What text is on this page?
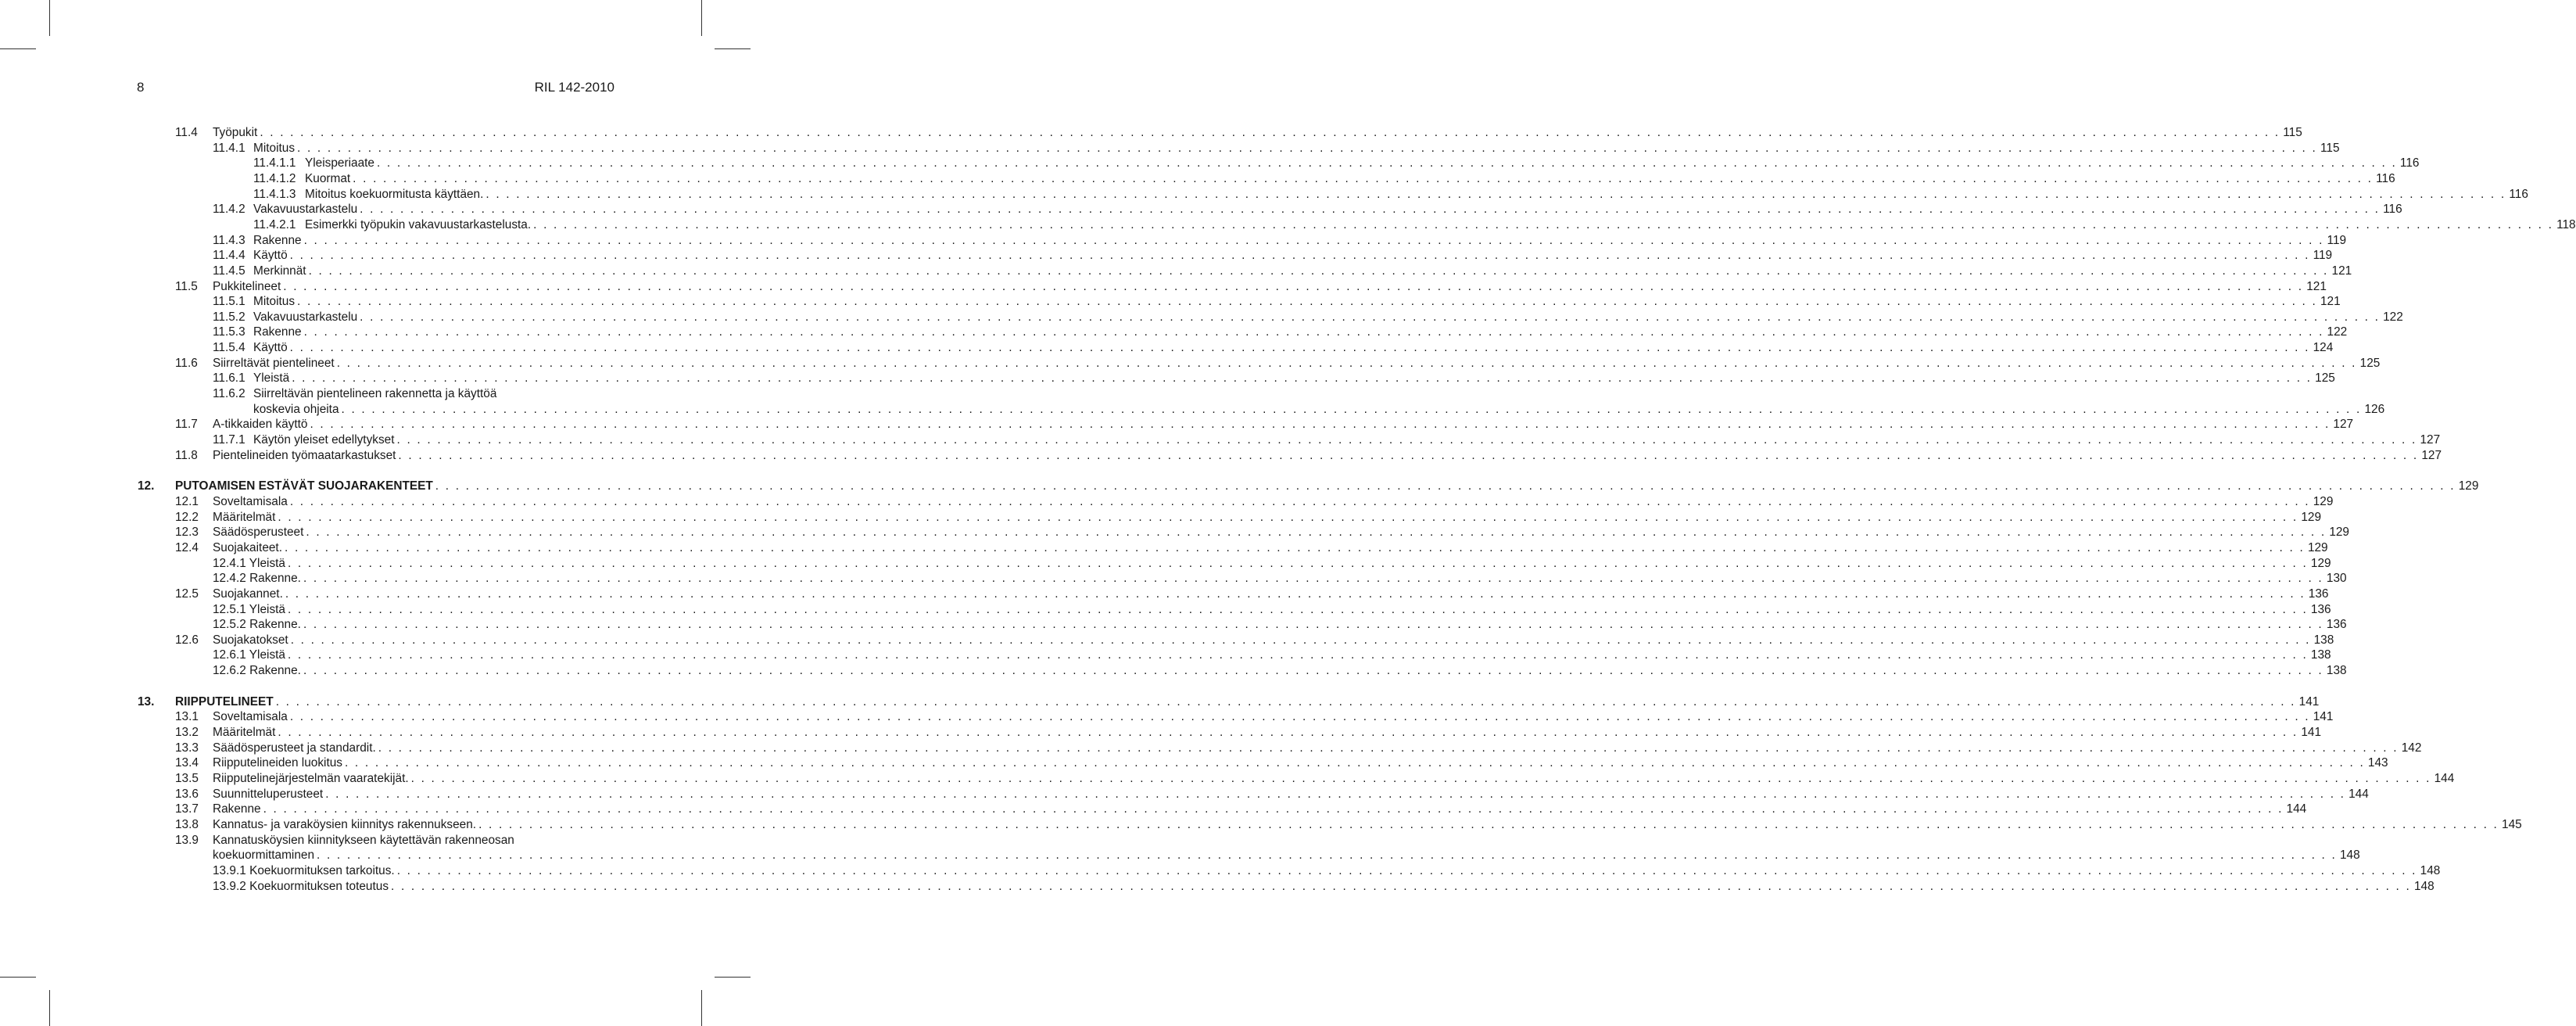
8	RIL 142-2010
11.4 Työpukit . . . . . . . . . . . . . . . . . . . . . . . . . . . . . . . . . . . . . . . . . . . . . . . . . . . . . . . . . . . . . . . . . . . . . . . . . . . . . . . . . . . . . . . . . . . . . . . . . . . . . . . . . . . . . . . . . . . . . . . . . . . . . . . . . . . . . . . . . . . . . . . . . . . . . . . . . . . . . . . . . . . . . . . . . . . . . . . . . . . . . . . . . . . . . . . . . . . . . . . . 115
11.4.1 Mitoitus . . . . . . . . . . . . . . . . . . . . . . . . . . . . . . . . . . . . . . . . . . . . . . . . . . . . . . . . . . . . . . . . . . . . . . . . . . . . . . . . . . . . . . . . . . . . . . . . . . . . . . . . . . . . . . . . . . . . . . . . . . . . . . . . . . . . . . . . . . . . . . . . . . . . . . . . . . . . . . . . . . . . . . . . . . . . . . . . . . . . . . . . . . . . . . . . . . . . . . . . 115
11.4.1.1 Yleisperiaate . . . . . . . . . . . . . . . . . . . . . . . . . . . . . . . . . . . . . . . . . . . . . . . . . . . . . . . . . . . . . . . . . . . . . . . . . . . . . . . . . . . . . . . . . . . . . . . . . . . . . . . . . . . . . . . . . . . . . . . . . . . . . . . . . . . . . . . . . . . . . . . . . . . . . . . . . . . . . . . . . . . . . . . . . . . . . . . . . . . . . . . . . . . . . . . . . . . . . . . . 116
11.4.1.2 Kuormat . . . . . . . . . . . . . . . . . . . . . . . . . . . . . . . . . . . . . . . . . . . . . . . . . . . . . . . . . . . . . . . . . . . . . . . . . . . . . . . . . . . . . . . . . . . . . . . . . . . . . . . . . . . . . . . . . . . . . . . . . . . . . . . . . . . . . . . . . . . . . . . . . . . . . . . . . . . . . . . . . . . . . . . . . . . . . . . . . . . . . . . . . . . . . . . . . . . . . . . . 116
11.4.1.3 Mitoitus koekuormitusta käyttäen. . . . . . . . . . . . . . . . . . . . . . . . . . . . . . . . . . . . . . . . . . . . . . . . . . . . . . . . . . . . . . . . . . . . . . . . . . . . . . . . . . . . . . . . . . . . . . . . . . . . . . . . . . . . . . . . . . . . . . . . . . . . . . . . . . . . . . . . . . . . . . . . . . . . . . . . . . . . . . . . . . . . . . . . . . . . . . . . . . . . . . . . . . . . . . . . . . . . . . . . . 116
11.4.2 Vakavuustarkastelu . . . . . . . . . . . . . . . . . . . . . . . . . . . . . . . . . . . . . . . . . . . . . . . . . . . . . . . . . . . . . . . . . . . . . . . . . . . . . . . . . . . . . . . . . . . . . . . . . . . . . . . . . . . . . . . . . . . . . . . . . . . . . . . . . . . . . . . . . . . . . . . . . . . . . . . . . . . . . . . . . . . . . . . . . . . . . . . . . . . . . . . . . . . . . . . . . . . . . . . . 116
11.4.2.1 Esimerkki työpukin vakavuustarkastelusta. . . . . . . . . . . . . . . . . . . . . . . . . . . . . . . . . . . . . . . . . . . . . . . . . . . . . . . . . . . . . . . . . . . . . . . . . . . . . . . . . . . . . . . . . . . . . . . . . . . . . . . . . . . . . . . . . . . . . . . . . . . . . . . . . . . . . . . . . . . . . . . . . . . . . . . . . . . . . . . . . . . . . . . . . . . . . . . . . . . . . . . . . . . . . . . . . . . . . . . . . 118
11.4.3 Rakenne . . . . . . . . . . . . . . . . . . . . . . . . . . . . . . . . . . . . . . . . . . . . . . . . . . . . . . . . . . . . . . . . . . . . . . . . . . . . . . . . . . . . . . . . . . . . . . . . . . . . . . . . . . . . . . . . . . . . . . . . . . . . . . . . . . . . . . . . . . . . . . . . . . . . . . . . . . . . . . . . . . . . . . . . . . . . . . . . . . . . . . . . . . . . . . . . . . . . . . . . 119
11.4.4 Käyttö . . . . . . . . . . . . . . . . . . . . . . . . . . . . . . . . . . . . . . . . . . . . . . . . . . . . . . . . . . . . . . . . . . . . . . . . . . . . . . . . . . . . . . . . . . . . . . . . . . . . . . . . . . . . . . . . . . . . . . . . . . . . . . . . . . . . . . . . . . . . . . . . . . . . . . . . . . . . . . . . . . . . . . . . . . . . . . . . . . . . . . . . . . . . . . . . . . . . . . . . 119
11.4.5 Merkinnät . . . . . . . . . . . . . . . . . . . . . . . . . . . . . . . . . . . . . . . . . . . . . . . . . . . . . . . . . . . . . . . . . . . . . . . . . . . . . . . . . . . . . . . . . . . . . . . . . . . . . . . . . . . . . . . . . . . . . . . . . . . . . . . . . . . . . . . . . . . . . . . . . . . . . . . . . . . . . . . . . . . . . . . . . . . . . . . . . . . . . . . . . . . . . . . . . . . . . . . . 121
11.5 Pukkitelineet . . . . . . . . . . . . . . . . . . . . . . . . . . . . . . . . . . . . . . . . . . . . . . . . . . . . . . . . . . . . . . . . . . . . . . . . . . . . . . . . . . . . . . . . . . . . . . . . . . . . . . . . . . . . . . . . . . . . . . . . . . . . . . . . . . . . . . . . . . . . . . . . . . . . . . . . . . . . . . . . . . . . . . . . . . . . . . . . . . . . . . . . . . . . . . . . . . . . . . . . 121
11.5.1 Mitoitus . . . . . . . . . . . . . . . . . . . . . . . . . . . . . . . . . . . . . . . . . . . . . . . . . . . . . . . . . . . . . . . . . . . . . . . . . . . . . . . . . . . . . . . . . . . . . . . . . . . . . . . . . . . . . . . . . . . . . . . . . . . . . . . . . . . . . . . . . . . . . . . . . . . . . . . . . . . . . . . . . . . . . . . . . . . . . . . . . . . . . . . . . . . . . . . . . . . . . . . . 121
11.5.2 Vakavuustarkastelu . . . . . . . . . . . . . . . . . . . . . . . . . . . . . . . . . . . . . . . . . . . . . . . . . . . . . . . . . . . . . . . . . . . . . . . . . . . . . . . . . . . . . . . . . . . . . . . . . . . . . . . . . . . . . . . . . . . . . . . . . . . . . . . . . . . . . . . . . . . . . . . . . . . . . . . . . . . . . . . . . . . . . . . . . . . . . . . . . . . . . . . . . . . . . . . . . . . . . . . . 122
11.5.3 Rakenne . . . . . . . . . . . . . . . . . . . . . . . . . . . . . . . . . . . . . . . . . . . . . . . . . . . . . . . . . . . . . . . . . . . . . . . . . . . . . . . . . . . . . . . . . . . . . . . . . . . . . . . . . . . . . . . . . . . . . . . . . . . . . . . . . . . . . . . . . . . . . . . . . . . . . . . . . . . . . . . . . . . . . . . . . . . . . . . . . . . . . . . . . . . . . . . . . . . . . . . . 122
11.5.4 Käyttö . . . . . . . . . . . . . . . . . . . . . . . . . . . . . . . . . . . . . . . . . . . . . . . . . . . . . . . . . . . . . . . . . . . . . . . . . . . . . . . . . . . . . . . . . . . . . . . . . . . . . . . . . . . . . . . . . . . . . . . . . . . . . . . . . . . . . . . . . . . . . . . . . . . . . . . . . . . . . . . . . . . . . . . . . . . . . . . . . . . . . . . . . . . . . . . . . . . . . . . . 124
11.6 Siirreltävät pientelineet . . . . . . . . . . . . . . . . . . . . . . . . . . . . . . . . . . . . . . . . . . . . . . . . . . . . . . . . . . . . . . . . . . . . . . . . . . . . . . . . . . . . . . . . . . . . . . . . . . . . . . . . . . . . . . . . . . . . . . . . . . . . . . . . . . . . . . . . . . . . . . . . . . . . . . . . . . . . . . . . . . . . . . . . . . . . . . . . . . . . . . . . . . . . . . . . . . . . . . . . 125
11.6.1 Yleistä . . . . . . . . . . . . . . . . . . . . . . . . . . . . . . . . . . . . . . . . . . . . . . . . . . . . . . . . . . . . . . . . . . . . . . . . . . . . . . . . . . . . . . . . . . . . . . . . . . . . . . . . . . . . . . . . . . . . . . . . . . . . . . . . . . . . . . . . . . . . . . . . . . . . . . . . . . . . . . . . . . . . . . . . . . . . . . . . . . . . . . . . . . . . . . . . . . . . . . . . 125
11.6.2 Siirreltävän pientelineen rakennetta ja käyttöä
koskevia ohjeita . . . . . . . . . . . . . . . . . . . . . . . . . . . . . . . . . . . . . . . . . . . . . . . . . . . . . . . . . . . . . . . . . . . . . . . . . . . . . . . . . . . . . . . . . . . . . . . . . . . . . . . . . . . . . . . . . . . . . . . . . . . . . . . . . . . . . . . . . . . . . . . . . . . . . . . . . . . . . . . . . . . . . . . . . . . . . . . . . . . . . . . . . . . . . . . . . . . . . . . . 126
11.7 A-tikkaiden käyttö . . . . . . . . . . . . . . . . . . . . . . . . . . . . . . . . . . . . . . . . . . . . . . . . . . . . . . . . . . . . . . . . . . . . . . . . . . . . . . . . . . . . . . . . . . . . . . . . . . . . . . . . . . . . . . . . . . . . . . . . . . . . . . . . . . . . . . . . . . . . . . . . . . . . . . . . . . . . . . . . . . . . . . . . . . . . . . . . . . . . . . . . . . . . . . . . . . . . . . . . 127
11.7.1 Käytön yleiset edellytykset . . . . . . . . . . . . . . . . . . . . . . . . . . . . . . . . . . . . . . . . . . . . . . . . . . . . . . . . . . . . . . . . . . . . . . . . . . . . . . . . . . . . . . . . . . . . . . . . . . . . . . . . . . . . . . . . . . . . . . . . . . . . . . . . . . . . . . . . . . . . . . . . . . . . . . . . . . . . . . . . . . . . . . . . . . . . . . . . . . . . . . . . . . . . . . . . . . . . . . . . 127
11.8 Pientelineiden työmaatarkastukset . . . . . . . . . . . . . . . . . . . . . . . . . . . . . . . . . . . . . . . . . . . . . . . . . . . . . . . . . . . . . . . . . . . . . . . . . . . . . . . . . . . . . . . . . . . . . . . . . . . . . . . . . . . . . . . . . . . . . . . . . . . . . . . . . . . . . . . . . . . . . . . . . . . . . . . . . . . . . . . . . . . . . . . . . . . . . . . . . . . . . . . . . . . . . . . . . . . . . . . . 127
12. PUTOAMISEN ESTÄVÄT SUOJARAKENTEET . . . . . . . . . . . . . . . . . . . . . . . . . . . . . . . . . . . . . . . . . . . . . . . . . . . . . . . . . . . . . . . . . . . . . . . . . . . . . . . . . . . . . . . . . . . . . . . . . . . . . . . . . . . . . . . . . . . . . . . . . . . . . . . . . . . . . . . . . . . . . . . . . . . . . . . . . . . . . . . . . . . . . . . . . . . . . . . . . . . . . . . . . . . . . . . . . . . . . . . . 129
12.1 Soveltamisala . . . . . . . . . . . . . . . . . . . . . . . . . . . . . . . . . . . . . . . . . . . . . . . . . . . . . . . . . . . . . . . . . . . . . . . . . . . . . . . . . . . . . . . . . . . . . . . . . . . . . . . . . . . . . . . . . . . . . . . . . . . . . . . . . . . . . . . . . . . . . . . . . . . . . . . . . . . . . . . . . . . . . . . . . . . . . . . . . . . . . . . . . . . . . . . . . . . . . . . . 129
12.2 Määritelmät . . . . . . . . . . . . . . . . . . . . . . . . . . . . . . . . . . . . . . . . . . . . . . . . . . . . . . . . . . . . . . . . . . . . . . . . . . . . . . . . . . . . . . . . . . . . . . . . . . . . . . . . . . . . . . . . . . . . . . . . . . . . . . . . . . . . . . . . . . . . . . . . . . . . . . . . . . . . . . . . . . . . . . . . . . . . . . . . . . . . . . . . . . . . . . . . . . . . . . . . 129
12.3 Säädösperusteet . . . . . . . . . . . . . . . . . . . . . . . . . . . . . . . . . . . . . . . . . . . . . . . . . . . . . . . . . . . . . . . . . . . . . . . . . . . . . . . . . . . . . . . . . . . . . . . . . . . . . . . . . . . . . . . . . . . . . . . . . . . . . . . . . . . . . . . . . . . . . . . . . . . . . . . . . . . . . . . . . . . . . . . . . . . . . . . . . . . . . . . . . . . . . . . . . . . . . . . . 129
12.4 Suojakaiteet. . . . . . . . . . . . . . . . . . . . . . . . . . . . . . . . . . . . . . . . . . . . . . . . . . . . . . . . . . . . . . . . . . . . . . . . . . . . . . . . . . . . . . . . . . . . . . . . . . . . . . . . . . . . . . . . . . . . . . . . . . . . . . . . . . . . . . . . . . . . . . . . . . . . . . . . . . . . . . . . . . . . . . . . . . . . . . . . . . . . . . . . . . . . . . . . . . . . . . . . . 129
12.4.1 Yleistä . . . . . . . . . . . . . . . . . . . . . . . . . . . . . . . . . . . . . . . . . . . . . . . . . . . . . . . . . . . . . . . . . . . . . . . . . . . . . . . . . . . . . . . . . . . . . . . . . . . . . . . . . . . . . . . . . . . . . . . . . . . . . . . . . . . . . . . . . . . . . . . . . . . . . . . . . . . . . . . . . . . . . . . . . . . . . . . . . . . . . . . . . . . . . . . . . . . . . . . . 129
12.4.2 Rakenne. . . . . . . . . . . . . . . . . . . . . . . . . . . . . . . . . . . . . . . . . . . . . . . . . . . . . . . . . . . . . . . . . . . . . . . . . . . . . . . . . . . . . . . . . . . . . . . . . . . . . . . . . . . . . . . . . . . . . . . . . . . . . . . . . . . . . . . . . . . . . . . . . . . . . . . . . . . . . . . . . . . . . . . . . . . . . . . . . . . . . . . . . . . . . . . . . . . . . . . . . 130
12.5 Suojakannet. . . . . . . . . . . . . . . . . . . . . . . . . . . . . . . . . . . . . . . . . . . . . . . . . . . . . . . . . . . . . . . . . . . . . . . . . . . . . . . . . . . . . . . . . . . . . . . . . . . . . . . . . . . . . . . . . . . . . . . . . . . . . . . . . . . . . . . . . . . . . . . . . . . . . . . . . . . . . . . . . . . . . . . . . . . . . . . . . . . . . . . . . . . . . . . . . . . . . . . . . 136
12.5.1 Yleistä . . . . . . . . . . . . . . . . . . . . . . . . . . . . . . . . . . . . . . . . . . . . . . . . . . . . . . . . . . . . . . . . . . . . . . . . . . . . . . . . . . . . . . . . . . . . . . . . . . . . . . . . . . . . . . . . . . . . . . . . . . . . . . . . . . . . . . . . . . . . . . . . . . . . . . . . . . . . . . . . . . . . . . . . . . . . . . . . . . . . . . . . . . . . . . . . . . . . . . . . 136
12.5.2 Rakenne. . . . . . . . . . . . . . . . . . . . . . . . . . . . . . . . . . . . . . . . . . . . . . . . . . . . . . . . . . . . . . . . . . . . . . . . . . . . . . . . . . . . . . . . . . . . . . . . . . . . . . . . . . . . . . . . . . . . . . . . . . . . . . . . . . . . . . . . . . . . . . . . . . . . . . . . . . . . . . . . . . . . . . . . . . . . . . . . . . . . . . . . . . . . . . . . . . . . . . . . . 136
12.6 Suojakatokset . . . . . . . . . . . . . . . . . . . . . . . . . . . . . . . . . . . . . . . . . . . . . . . . . . . . . . . . . . . . . . . . . . . . . . . . . . . . . . . . . . . . . . . . . . . . . . . . . . . . . . . . . . . . . . . . . . . . . . . . . . . . . . . . . . . . . . . . . . . . . . . . . . . . . . . . . . . . . . . . . . . . . . . . . . . . . . . . . . . . . . . . . . . . . . . . . . . . . . . . 138
12.6.1 Yleistä . . . . . . . . . . . . . . . . . . . . . . . . . . . . . . . . . . . . . . . . . . . . . . . . . . . . . . . . . . . . . . . . . . . . . . . . . . . . . . . . . . . . . . . . . . . . . . . . . . . . . . . . . . . . . . . . . . . . . . . . . . . . . . . . . . . . . . . . . . . . . . . . . . . . . . . . . . . . . . . . . . . . . . . . . . . . . . . . . . . . . . . . . . . . . . . . . . . . . . . . 138
12.6.2 Rakenne. . . . . . . . . . . . . . . . . . . . . . . . . . . . . . . . . . . . . . . . . . . . . . . . . . . . . . . . . . . . . . . . . . . . . . . . . . . . . . . . . . . . . . . . . . . . . . . . . . . . . . . . . . . . . . . . . . . . . . . . . . . . . . . . . . . . . . . . . . . . . . . . . . . . . . . . . . . . . . . . . . . . . . . . . . . . . . . . . . . . . . . . . . . . . . . . . . . . . . . . . 138
13. RIIPPUTELINEET . . . . . . . . . . . . . . . . . . . . . . . . . . . . . . . . . . . . . . . . . . . . . . . . . . . . . . . . . . . . . . . . . . . . . . . . . . . . . . . . . . . . . . . . . . . . . . . . . . . . . . . . . . . . . . . . . . . . . . . . . . . . . . . . . . . . . . . . . . . . . . . . . . . . . . . . . . . . . . . . . . . . . . . . . . . . . . . . . . . . . . . . . . . . . . . . . . . . . . . . 141
13.1 Soveltamisala . . . . . . . . . . . . . . . . . . . . . . . . . . . . . . . . . . . . . . . . . . . . . . . . . . . . . . . . . . . . . . . . . . . . . . . . . . . . . . . . . . . . . . . . . . . . . . . . . . . . . . . . . . . . . . . . . . . . . . . . . . . . . . . . . . . . . . . . . . . . . . . . . . . . . . . . . . . . . . . . . . . . . . . . . . . . . . . . . . . . . . . . . . . . . . . . . . . . . . . . 141
13.2 Määritelmät . . . . . . . . . . . . . . . . . . . . . . . . . . . . . . . . . . . . . . . . . . . . . . . . . . . . . . . . . . . . . . . . . . . . . . . . . . . . . . . . . . . . . . . . . . . . . . . . . . . . . . . . . . . . . . . . . . . . . . . . . . . . . . . . . . . . . . . . . . . . . . . . . . . . . . . . . . . . . . . . . . . . . . . . . . . . . . . . . . . . . . . . . . . . . . . . . . . . . . . . 141
13.3 Säädösperusteet ja standardit. . . . . . . . . . . . . . . . . . . . . . . . . . . . . . . . . . . . . . . . . . . . . . . . . . . . . . . . . . . . . . . . . . . . . . . . . . . . . . . . . . . . . . . . . . . . . . . . . . . . . . . . . . . . . . . . . . . . . . . . . . . . . . . . . . . . . . . . . . . . . . . . . . . . . . . . . . . . . . . . . . . . . . . . . . . . . . . . . . . . . . . . . . . . . . . . . . . . . . . . . 142
13.4 Riipputelineiden luokitus . . . . . . . . . . . . . . . . . . . . . . . . . . . . . . . . . . . . . . . . . . . . . . . . . . . . . . . . . . . . . . . . . . . . . . . . . . . . . . . . . . . . . . . . . . . . . . . . . . . . . . . . . . . . . . . . . . . . . . . . . . . . . . . . . . . . . . . . . . . . . . . . . . . . . . . . . . . . . . . . . . . . . . . . . . . . . . . . . . . . . . . . . . . . . . . . . . . . . . . . 143
13.5 Riipputelinejärjestelmän vaaratekijät. . . . . . . . . . . . . . . . . . . . . . . . . . . . . . . . . . . . . . . . . . . . . . . . . . . . . . . . . . . . . . . . . . . . . . . . . . . . . . . . . . . . . . . . . . . . . . . . . . . . . . . . . . . . . . . . . . . . . . . . . . . . . . . . . . . . . . . . . . . . . . . . . . . . . . . . . . . . . . . . . . . . . . . . . . . . . . . . . . . . . . . . . . . . . . . . . . . . . . . . . 144
13.6 Suunnitteluperusteet . . . . . . . . . . . . . . . . . . . . . . . . . . . . . . . . . . . . . . . . . . . . . . . . . . . . . . . . . . . . . . . . . . . . . . . . . . . . . . . . . . . . . . . . . . . . . . . . . . . . . . . . . . . . . . . . . . . . . . . . . . . . . . . . . . . . . . . . . . . . . . . . . . . . . . . . . . . . . . . . . . . . . . . . . . . . . . . . . . . . . . . . . . . . . . . . . . . . . . . . 144
13.7 Rakenne . . . . . . . . . . . . . . . . . . . . . . . . . . . . . . . . . . . . . . . . . . . . . . . . . . . . . . . . . . . . . . . . . . . . . . . . . . . . . . . . . . . . . . . . . . . . . . . . . . . . . . . . . . . . . . . . . . . . . . . . . . . . . . . . . . . . . . . . . . . . . . . . . . . . . . . . . . . . . . . . . . . . . . . . . . . . . . . . . . . . . . . . . . . . . . . . . . . . . . . . 144
13.8 Kannatus- ja varaköysien kiinnitys rakennukseen. . . . . . . . . . . . . . . . . . . . . . . . . . . . . . . . . . . . . . . . . . . . . . . . . . . . . . . . . . . . . . . . . . . . . . . . . . . . . . . . . . . . . . . . . . . . . . . . . . . . . . . . . . . . . . . . . . . . . . . . . . . . . . . . . . . . . . . . . . . . . . . . . . . . . . . . . . . . . . . . . . . . . . . . . . . . . . . . . . . . . . . . . . . . . . . . . . . . . . . . . 145
13.9 Kannatusköysien kiinnitykseen käytettävän rakenneosan
koekuormittaminen . . . . . . . . . . . . . . . . . . . . . . . . . . . . . . . . . . . . . . . . . . . . . . . . . . . . . . . . . . . . . . . . . . . . . . . . . . . . . . . . . . . . . . . . . . . . . . . . . . . . . . . . . . . . . . . . . . . . . . . . . . . . . . . . . . . . . . . . . . . . . . . . . . . . . . . . . . . . . . . . . . . . . . . . . . . . . . . . . . . . . . . . . . . . . . . . . . . . . . . . 148
13.9.1 Koekuormituksen tarkoitus. . . . . . . . . . . . . . . . . . . . . . . . . . . . . . . . . . . . . . . . . . . . . . . . . . . . . . . . . . . . . . . . . . . . . . . . . . . . . . . . . . . . . . . . . . . . . . . . . . . . . . . . . . . . . . . . . . . . . . . . . . . . . . . . . . . . . . . . . . . . . . . . . . . . . . . . . . . . . . . . . . . . . . . . . . . . . . . . . . . . . . . . . . . . . . . . . . . . . . . . . 148
13.9.2 Koekuormituksen toteutus . . . . . . . . . . . . . . . . . . . . . . . . . . . . . . . . . . . . . . . . . . . . . . . . . . . . . . . . . . . . . . . . . . . . . . . . . . . . . . . . . . . . . . . . . . . . . . . . . . . . . . . . . . . . . . . . . . . . . . . . . . . . . . . . . . . . . . . . . . . . . . . . . . . . . . . . . . . . . . . . . . . . . . . . . . . . . . . . . . . . . . . . . . . . . . . . . . . . . . . . 148
